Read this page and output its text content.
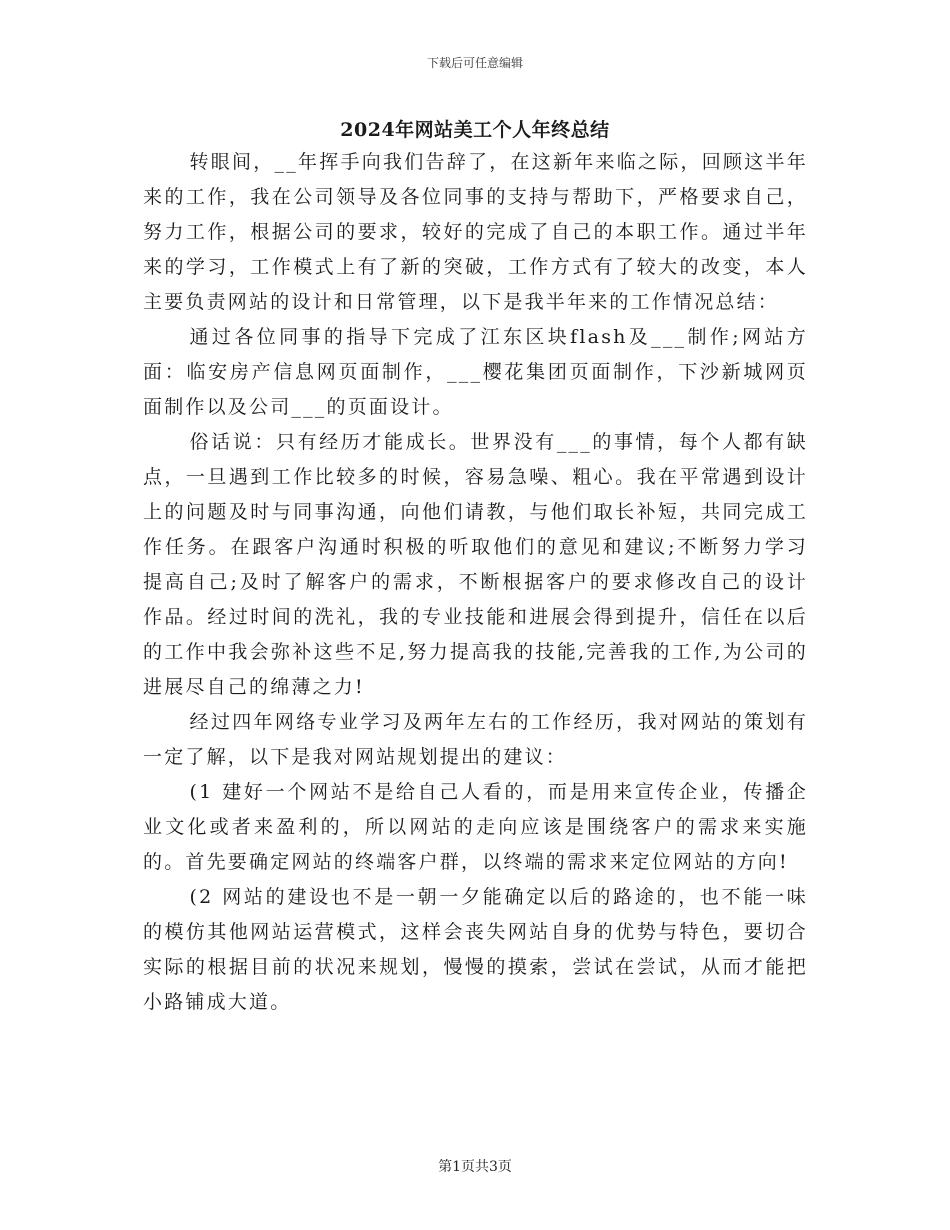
下载后可任意编辑
2024年网站美工个人年终总结

转眼间，__年挥手向我们告辞了，在这新年来临之际，回顾这半年来的工作，我在公司领导及各位同事的支持与帮助下，严格要求自己，努力工作，根据公司的要求，较好的完成了自己的本职工作。通过半年来的学习，工作模式上有了新的突破，工作方式有了较大的改变，本人主要负责网站的设计和日常管理，以下是我半年来的工作情况总结：

通过各位同事的指导下完成了江东区块flash及___制作;网站方面：临安房产信息网页面制作，___樱花集团页面制作，下沙新城网页面制作以及公司___的页面设计。

俗话说：只有经历才能成长。世界没有___的事情，每个人都有缺点，一旦遇到工作比较多的时候，容易急噪、粗心。我在平常遇到设计上的问题及时与同事沟通，向他们请教，与他们取长补短，共同完成工作任务。在跟客户沟通时积极的听取他们的意见和建议;不断努力学习提高自己;及时了解客户的需求，不断根据客户的要求修改自己的设计作品。经过时间的洗礼，我的专业技能和进展会得到提升，信任在以后的工作中我会弥补这些不足,努力提高我的技能,完善我的工作,为公司的进展尽自己的绵薄之力!

经过四年网络专业学习及两年左右的工作经历，我对网站的策划有一定了解，以下是我对网站规划提出的建议：

(1 建好一个网站不是给自己人看的，而是用来宣传企业，传播企业文化或者来盈利的，所以网站的走向应该是围绕客户的需求来实施的。首先要确定网站的终端客户群，以终端的需求来定位网站的方向!

(2 网站的建设也不是一朝一夕能确定以后的路途的，也不能一味的模仿其他网站运营模式，这样会丧失网站自身的优势与特色，要切合实际的根据目前的状况来规划，慢慢的摸索，尝试在尝试，从而才能把小路铺成大道。

第1页共3页
